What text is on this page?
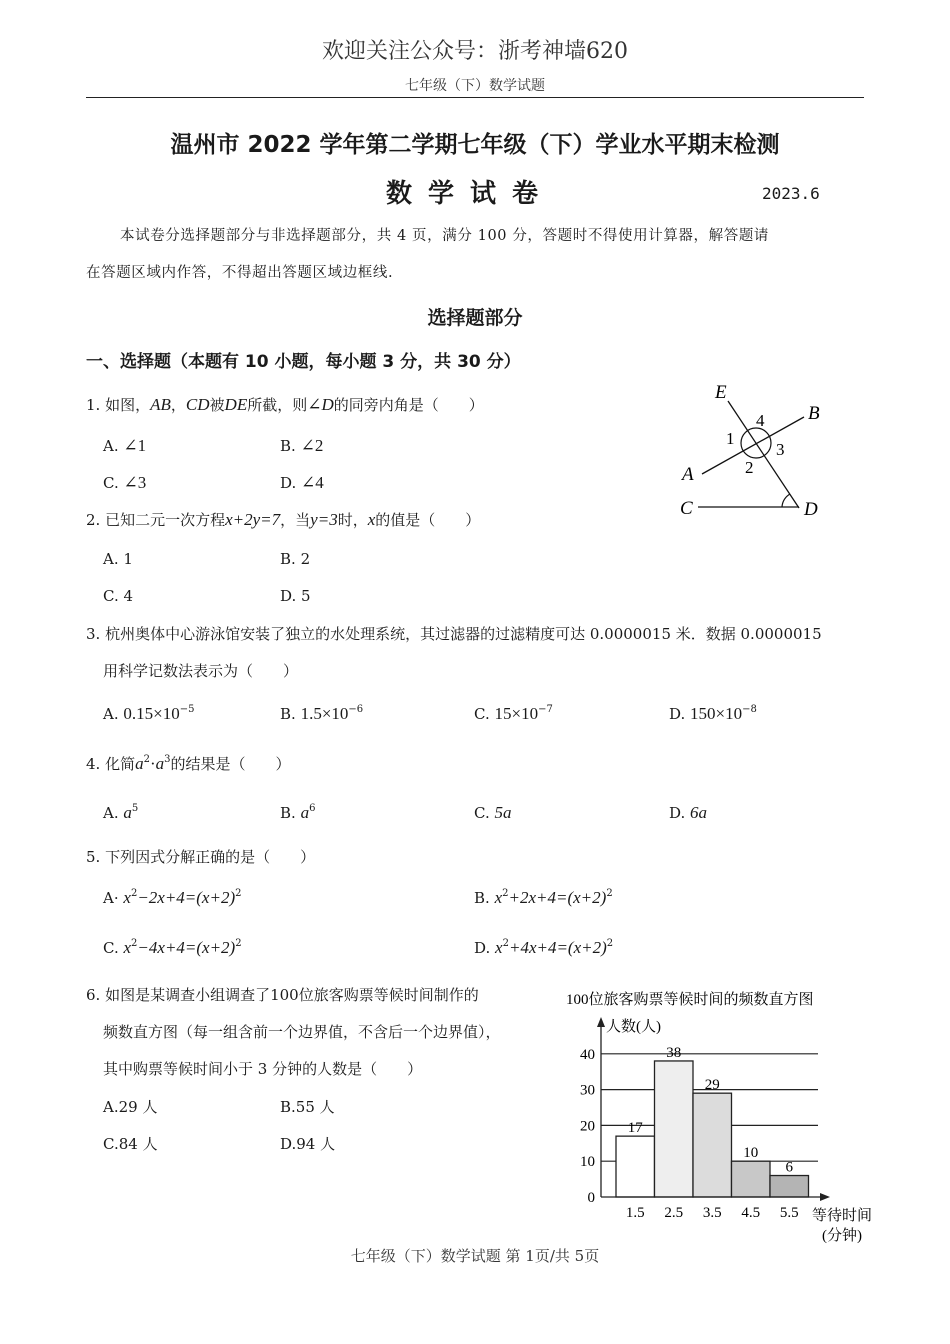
欢迎关注公众号：浙考神墙620
七年级（下）数学试题
温州市 2022 学年第二学期七年级（下）学业水平期末检测
数学试卷	2023.6
本试卷分选择题部分与非选择题部分，共 4 页，满分 100 分，答题时不得使用计算器，解答题请
在答题区域内作答，不得超出答题区域边框线.
选择题部分
一、选择题（本题有 10 小题，每小题 3 分，共 30 分）
1. 如图，AB，CD被DE所截，则∠D的同旁内角是（　　）
A. ∠1	B. ∠2
C. ∠3	D. ∠4
E
B
A
C	D
1
2
3
4
2. 已知二元一次方程x+2y=7，当y=3时，x的值是（　　）
A. 1	B. 2
C. 4	D. 5
3. 杭州奥体中心游泳馆安装了独立的水处理系统，其过滤器的过滤精度可达 0.0000015 米．数据 0.0000015
用科学记数法表示为（　　）
A. $0.15\times 10^{-5}$	B. $1.5\times 10^{-6}$	C. $15\times 10^{-7}$	D. $150\times 10^{-8}$
4. 化简$a^2\cdot a^3$的结果是（　　）
A. $a^5$	B. $a^6$	C. 5a	D. 6a
5. 下列因式分解正确的是（　　）
$A\cdot x^2-2x+4=(x+2)^2$	B. $x^2+2x+4=(x+2)^2$
C. $x^2-4x+4=(x+2)^2$	D. $x^2+4x+4=(x+2)^2$
6. 如图是某调查小组调查了100位旅客购票等候时间制作的
频数直方图（每一组含前一个边界值，不含后一个边界值），
其中购票等候时间小于 3 分钟的人数是（　　）
A.29 人	B.55 人
C.84 人	D.94 人
100位旅客购票等候时间的频数直方图
人数(人)
等待时间
(分钟)
0
10
20
30
40
17
1.5
38
2.5
29
3.5
10
4.5
6
5.5
七年级（下）数学试题 第 1页/共 5页
